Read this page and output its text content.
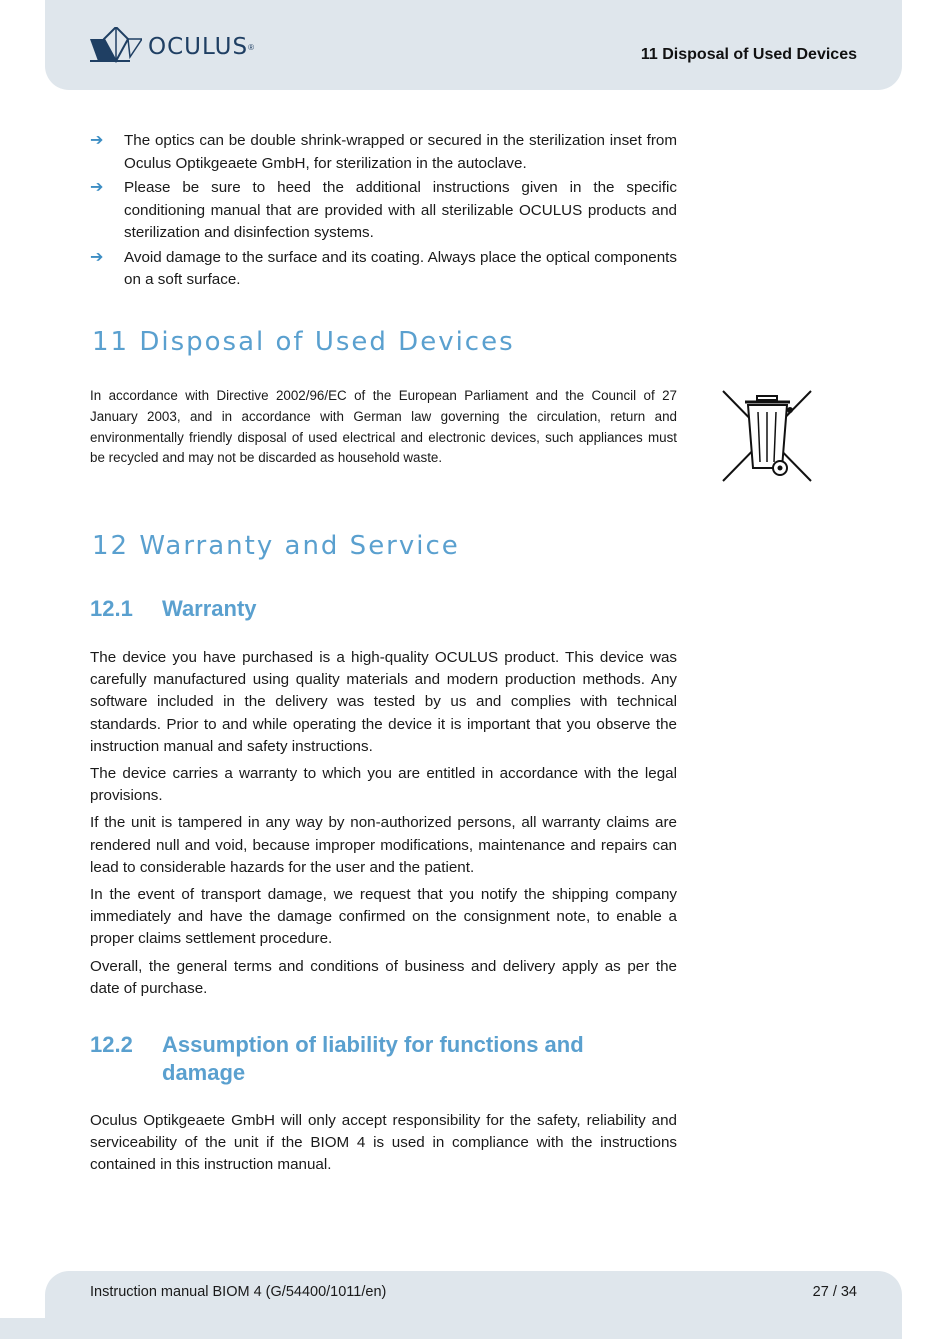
OCULUS ®	11 Disposal of Used Devices
➔ The optics can be double shrink-wrapped or secured in the sterilization inset from Oculus Optikgeaete GmbH, for sterilization in the autoclave.
➔ Please be sure to heed the additional instructions given in the specific conditioning manual that are provided with all sterilizable OCULUS products and sterilization and disinfection systems.
➔ Avoid damage to the surface and its coating. Always place the optical components on a soft surface.
11 Disposal of Used Devices
In accordance with Directive 2002/96/EC of the European Parliament and the Council of 27 January 2003, and in accordance with German law governing the circulation, return and environmentally friendly disposal of used electrical and electronic devices, such appliances must be recycled and may not be discarded as household waste.
12 Warranty and Service
12.1	Warranty

The device you have purchased is a high-quality OCULUS product. This device was carefully manufactured using quality materials and modern production methods. Any software included in the delivery was tested by us and complies with technical standards. Prior to and while operating the device it is important that you observe the instruction manual and safety instructions.

The device carries a warranty to which you are entitled in accordance with the legal provisions.

If the unit is tampered in any way by non-authorized persons, all warranty claims are rendered null and void, because improper modifications, maintenance and repairs can lead to considerable hazards for the user and the patient.

In the event of transport damage, we request that you notify the shipping company immediately and have the damage confirmed on the consignment note, to enable a proper claims settlement procedure.

Overall, the general terms and conditions of business and delivery apply as per the date of purchase.

12.2	Assumption of liability for functions and damage

Oculus Optikgeaete GmbH will only accept responsibility for the safety, reliability and serviceability of the unit if the BIOM 4 is used in compliance with the instructions contained in this instruction manual.

Instruction manual BIOM 4 (G/54400/1011/en)	27 / 34
